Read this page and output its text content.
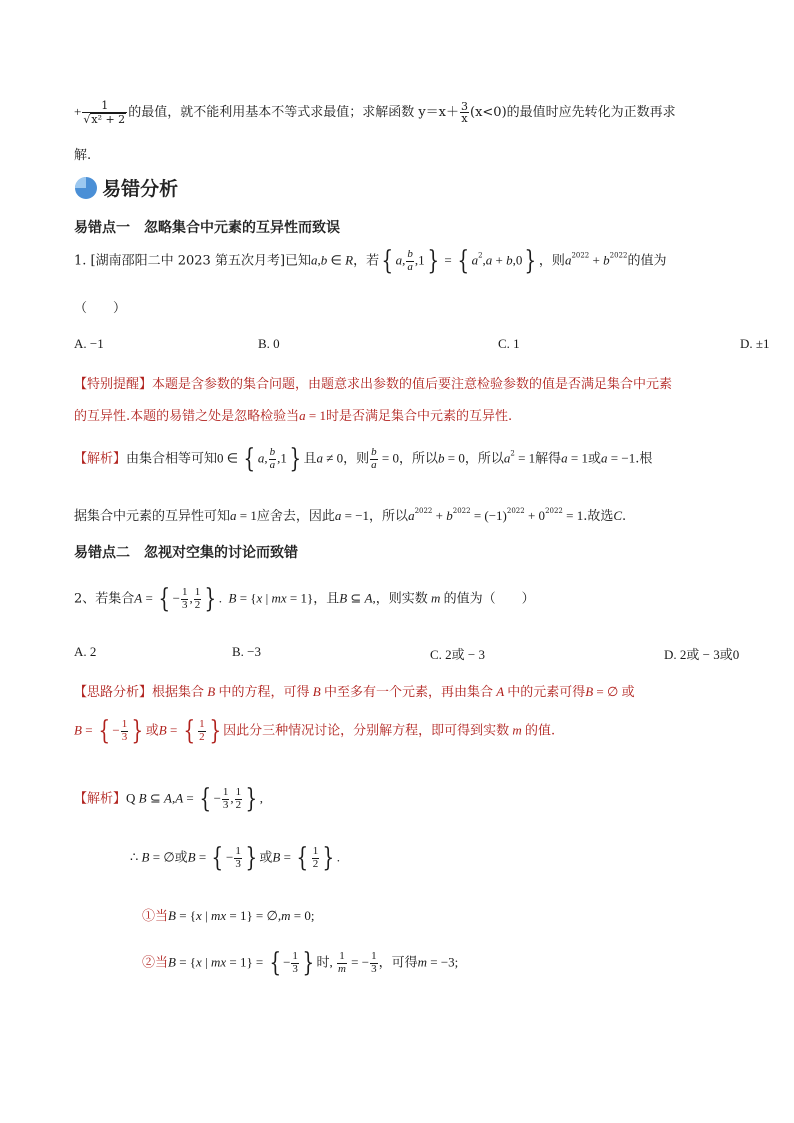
+ $\frac{1}{\text{√x² + 2}}$ 的最值，就不能利用基本不等式求最值；求解函数 $y=x+ \frac{3}{x} (x<0)$的最值时应先转化为正数再求
解.
易错分析
易错点一　忽略集合中元素的互异性而致误
1. [湖南邵阳二中 2023 第五次月考]已知a,b ∈ R，若{ a, $\frac{b}{a} ,1$} = { $a^2,a + b,0$} ，则$a^{2022} + b^{2022}$的值为
（　　）
A. −1	B. 0	C. 1	D. ±1
【特别提醒】本题是含参数的集合问题，由题意求出参数的值后要注意检验参数的值是否满足集合中元素
的互异性.本题的易错之处是忽略检验当a = 1时是否满足集合中元素的互异性.
【解析】由集合相等可知0 ∈ { a, $\frac{b}{a} ,1$} 且a ≠ 0，则 $\frac{b}{a} = 0$，所以b = 0，所以$a^2 = 1$解得a = 1或a = −1.根
据集合中元素的互异性可知a = 1应舍去，因此a = −1，所以$a^{2022} + b^{2022} = (-1)^{2022} + 0^{2022} = 1$.故选C.
易错点二　忽视对空集的讨论而致错
2、若集合A = { − $\frac{1}{3}$ , $\frac{1}{2}$ } .  B = {x | mx = 1}，且B ⊆ A,，则实数 m 的值为（　　）
A. 2	B. −3	C. 2或 − 3	D. 2或 − 3或0
【思路分析】根据集合 B 中的方程，可得 B 中至多有一个元素，再由集合 A 中的元素可得B = ∅ 或
B = { − $\frac{1}{3}$ } 或B = { $\frac{1}{2}$ } 因此分三种情况讨论，分别解方程，即可得到实数 m 的值.
【解析】Q B ⊆ A,A = { − $\frac{1}{3}$ , $\frac{1}{2}$ } ,
∴ B = ∅或B = { − $\frac{1}{3}$ } 或B = { $\frac{1}{2}$ } .
①当B = {x | mx = 1} = ∅,m = 0;
②当B = {x | mx = 1} = { − $\frac{1}{3}$ } 时, $\frac{1}{m}$ = − $\frac{1}{3}$ ，可得m = −3;
